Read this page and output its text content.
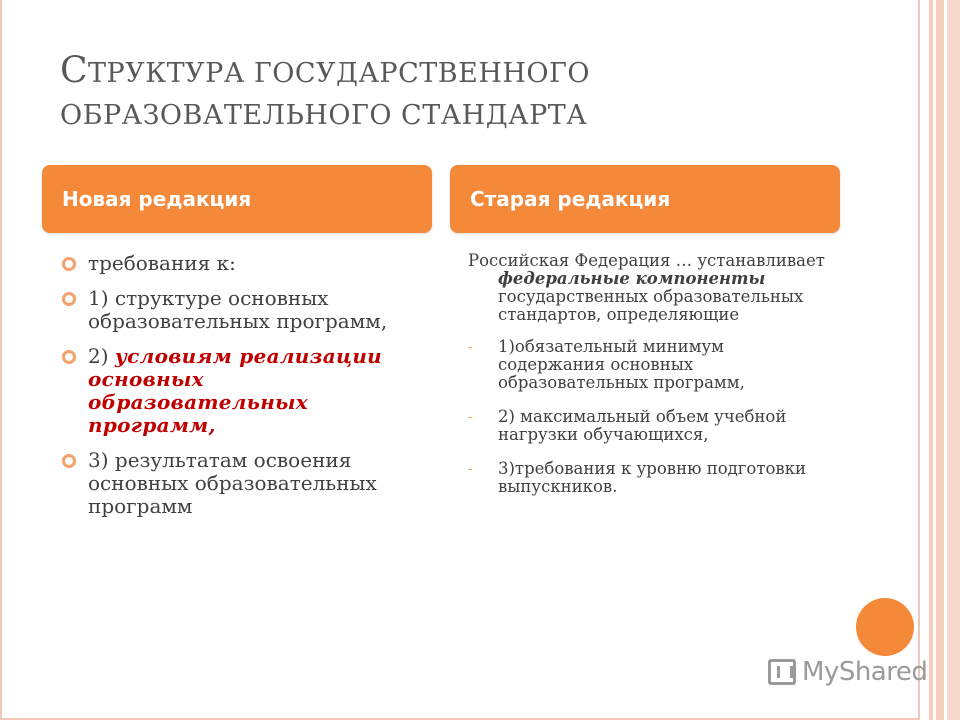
СТРУКТУРА ГОСУДАРСТВЕННОГО
ОБРАЗОВАТЕЛЬНОГО СТАНДАРТА
Новая редакция	Старая редакция
требования к:
1) структуре основных образовательных программ,
2) условиям реализации основных образовательных программ,
3) результатам освоения основных образовательных программ

Российская Федерация … устанавливает федеральные компоненты государственных образовательных стандартов, определяющие

- 1)обязательный минимум содержания основных образовательных программ,
- 2) максимальный объем учебной нагрузки обучающихся,
- 3)требования к уровню подготовки выпускников.
MyShared
